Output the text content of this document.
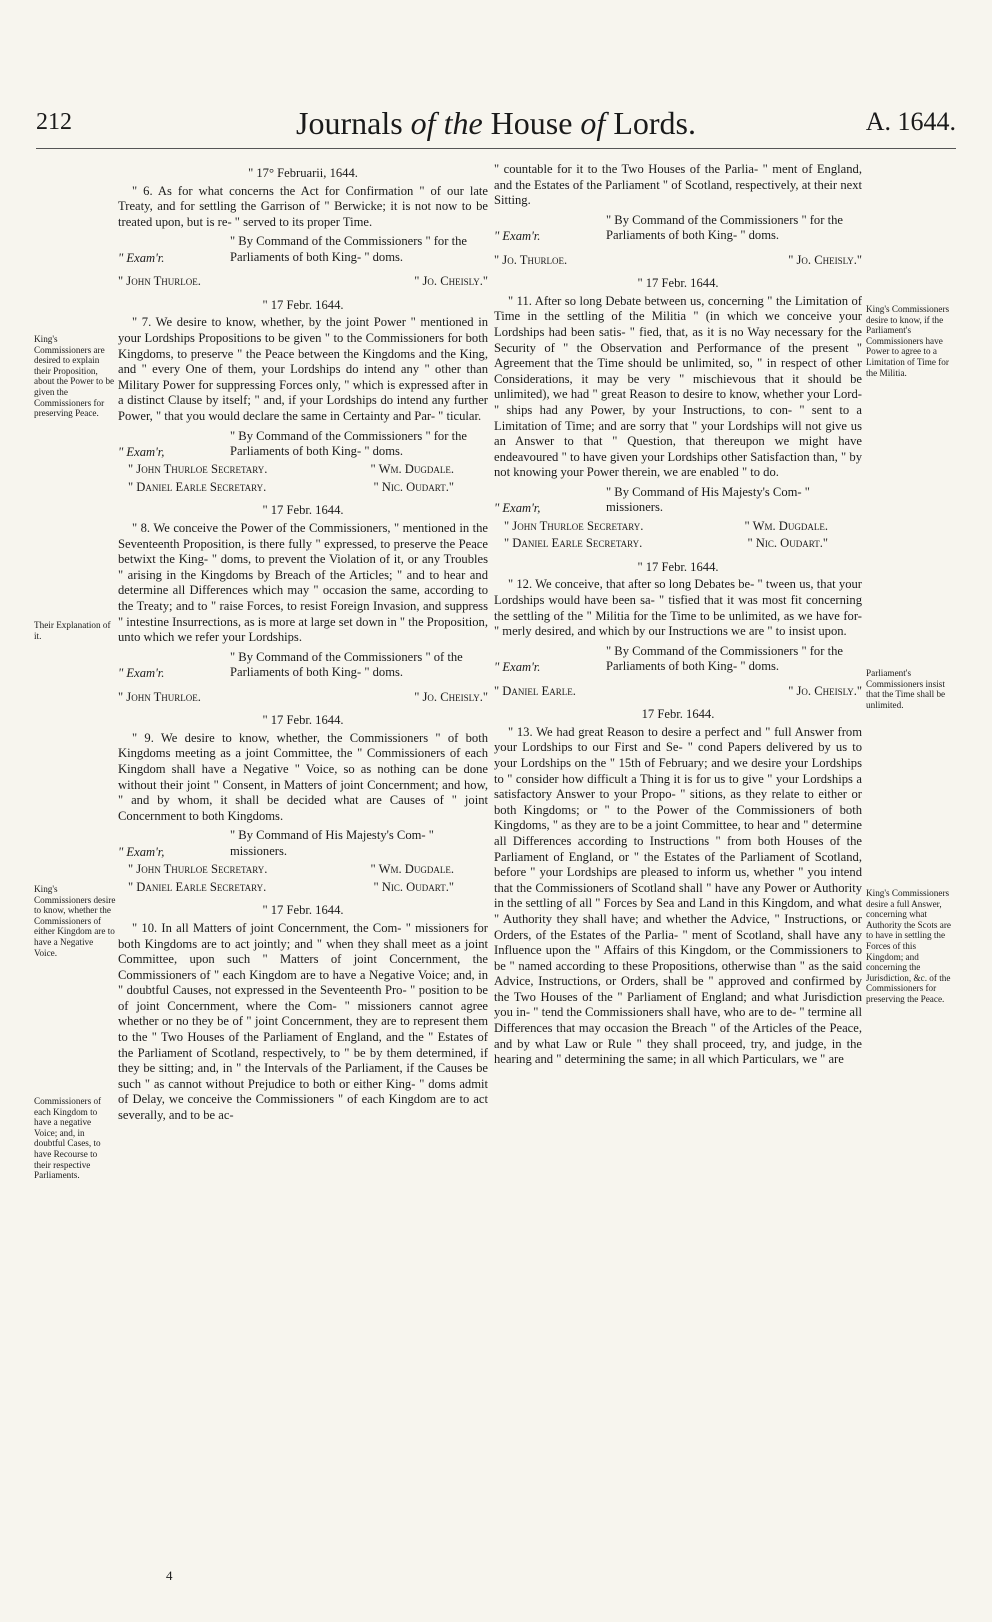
212	Journals of the House of Lords.	A. 1644.
King's Commissioners are desired to explain their Proposition, about the Power to be given the Commissioners for preserving Peace.
Their Explanation of it.
King's Commissioners desire to know, whether the Commissioners of either Kingdom are to have a Negative Voice.
Commissioners of each Kingdom to have a negative Voice; and, in doubtful Cases, to have Recourse to their respective Parliaments.
King's Commissioners desire to know, if the Parliament's Commissioners have Power to agree to a Limitation of Time for the Militia.
Parliament's Commissioners insist that the Time shall be unlimited.
King's Commissioners desire a full Answer, concerning what Authority the Scots are to have in settling the Forces of this Kingdom; and concerning the Jurisdiction, &c. of the Commissioners for preserving the Peace.
" 17° Februarii, 1644.
" 6. As for what concerns the Act for Confirmation " of our late Treaty, and for settling the Garrison of " Berwicke; it is not now to be treated upon, but is re- " served to its proper Time.
" By Command of the Commissioners " for the Parliaments of both King- " doms.
" Exam'r.
" John Thurloe.	" Jo. Cheisly."
" 17 Febr. 1644.
" 7. We desire to know, whether, by the joint Power " mentioned in your Lordships Propositions to be given " to the Commissioners for both Kingdoms, to preserve " the Peace between the Kingdoms and the King, and " every One of them, your Lordships do intend any " other than Military Power for suppressing Forces only, " which is expressed after in a distinct Clause by itself; " and, if your Lordships do intend any further Power, " that you would declare the same in Certainty and Par- " ticular.
" By Command of the Commissioners " for the Parliaments of both King- " doms.
" Exam'r,
" John Thurloe Secretary.	" Wm. Dugdale.
" Daniel Earle Secretary.	" Nic. Oudart."
" 17 Febr. 1644.
" 8. We conceive the Power of the Commissioners, " mentioned in the Seventeenth Proposition, is there fully " expressed, to preserve the Peace betwixt the King- " doms, to prevent the Violation of it, or any Troubles " arising in the Kingdoms by Breach of the Articles; " and to hear and determine all Differences which may " occasion the same, according to the Treaty; and to " raise Forces, to resist Foreign Invasion, and suppress " intestine Insurrections, as is more at large set down in " the Proposition, unto which we refer your Lordships.
" By Command of the Commissioners " of the Parliaments of both King- " doms.
" Exam'r.
" John Thurloe.	" Jo. Cheisly."
" 17 Febr. 1644.
" 9. We desire to know, whether, the Commissioners " of both Kingdoms meeting as a joint Committee, the " Commissioners of each Kingdom shall have a Negative " Voice, so as nothing can be done without their joint " Consent, in Matters of joint Concernment; and how, " and by whom, it shall be decided what are Causes of " joint Concernment to both Kingdoms.
" By Command of His Majesty's Com- " missioners.
" Exam'r,
" John Thurloe Secretary.	" Wm. Dugdale.
" Daniel Earle Secretary.	" Nic. Oudart."
" 17 Febr. 1644.
" 10. In all Matters of joint Concernment, the Com- " missioners for both Kingdoms are to act jointly; and " when they shall meet as a joint Committee, upon such " Matters of joint Concernment, the Commissioners of " each Kingdom are to have a Negative Voice; and, in " doubtful Causes, not expressed in the Seventeenth Pro- " position to be of joint Concernment, where the Com- " missioners cannot agree whether or no they be of " joint Concernment, they are to represent them to the " Two Houses of the Parliament of England, and the " Estates of the Parliament of Scotland, respectively, to " be by them determined, if they be sitting; and, in " the Intervals of the Parliament, if the Causes be such " as cannot without Prejudice to both or either King- " doms admit of Delay, we conceive the Commissioners " of each Kingdom are to act severally, and to be ac-
" countable for it to the Two Houses of the Parlia- " ment of England, and the Estates of the Parliament " of Scotland, respectively, at their next Sitting.
" By Command of the Commissioners " for the Parliaments of both King- " doms.
" Exam'r.
" Jo. Thurloe.	" Jo. Cheisly."
" 17 Febr. 1644.
" 11. After so long Debate between us, concerning " the Limitation of Time in the settling of the Militia " (in which we conceive your Lordships had been satis- " fied, that, as it is no Way necessary for the Security of " the Observation and Performance of the present " Agreement that the Time should be unlimited, so, " in respect of other Considerations, it may be very " mischievous that it should be unlimited), we had " great Reason to desire to know, whether your Lord- " ships had any Power, by your Instructions, to con- " sent to a Limitation of Time; and are sorry that " your Lordships will not give us an Answer to that " Question, that thereupon we might have endeavoured " to have given your Lordships other Satisfaction than, " by not knowing your Power therein, we are enabled " to do.
" By Command of His Majesty's Com- " missioners.
" Exam'r,
" John Thurloe Secretary.	" Wm. Dugdale.
" Daniel Earle Secretary.	" Nic. Oudart."
" 17 Febr. 1644.
" 12. We conceive, that after so long Debates be- " tween us, that your Lordships would have been sa- " tisfied that it was most fit concerning the settling of the " Militia for the Time to be unlimited, as we have for- " merly desired, and which by our Instructions we are " to insist upon.
" By Command of the Commissioners " for the Parliaments of both King- " doms.
" Exam'r.
" Daniel Earle.	" Jo. Cheisly."
17 Febr. 1644.
" 13. We had great Reason to desire a perfect and " full Answer from your Lordships to our First and Se- " cond Papers delivered by us to your Lordships on the " 15th of February; and we desire your Lordships to " consider how difficult a Thing it is for us to give " your Lordships a satisfactory Answer to your Propo- " sitions, as they relate to either or both Kingdoms; or " to the Power of the Commissioners of both Kingdoms, " as they are to be a joint Committee, to hear and " determine all Differences according to Instructions " from both Houses of the Parliament of England, or " the Estates of the Parliament of Scotland, before " your Lordships are pleased to inform us, whether " you intend that the Commissioners of Scotland shall " have any Power or Authority in the settling of all " Forces by Sea and Land in this Kingdom, and what " Authority they shall have; and whether the Advice, " Instructions, or Orders, of the Estates of the Parlia- " ment of Scotland, shall have any Influence upon the " Affairs of this Kingdom, or the Commissioners to be " named according to these Propositions, otherwise than " as the said Advice, Instructions, or Orders, shall be " approved and confirmed by the Two Houses of the " Parliament of England; and what Jurisdiction you in- " tend the Commissioners shall have, who are to de- " termine all Differences that may occasion the Breach " of the Articles of the Peace, and by what Law or Rule " they shall proceed, try, and judge, in the hearing and " determining the same; in all which Particulars, we " are
4
